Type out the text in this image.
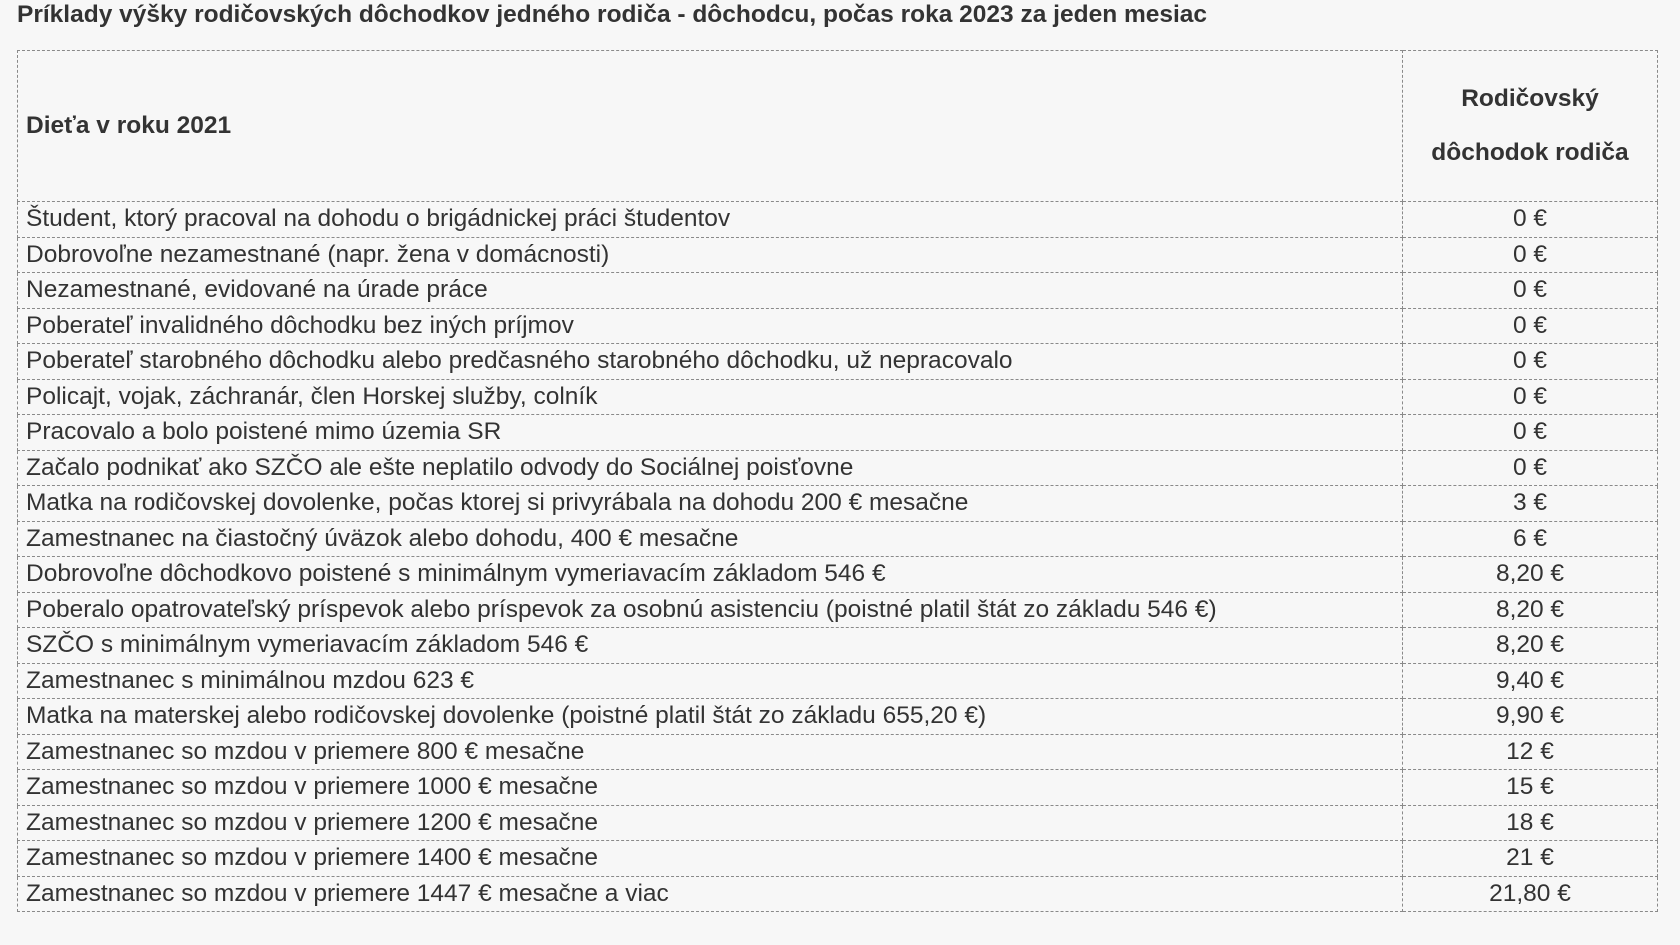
Príklady výšky rodičovských dôchodkov jedného rodiča - dôchodcu, počas roka 2023 za jeden mesiac
Dieťa v roku 2021	Rodičovský
dôchodok rodiča
Študent, ktorý pracoval na dohodu o brigádnickej práci študentov	0 €
Dobrovoľne nezamestnané (napr. žena v domácnosti)	0 €
Nezamestnané, evidované na úrade práce	0 €
Poberateľ invalidného dôchodku bez iných príjmov	0 €
Poberateľ starobného dôchodku alebo predčasného starobného dôchodku, už nepracovalo	0 €
Policajt, vojak, záchranár, člen Horskej služby, colník	0 €
Pracovalo a bolo poistené mimo územia SR	0 €
Začalo podnikať ako SZČO ale ešte neplatilo odvody do Sociálnej poisťovne	0 €
Matka na rodičovskej dovolenke, počas ktorej si privyrábala na dohodu 200 € mesačne	3 €
Zamestnanec na čiastočný úväzok alebo dohodu, 400 € mesačne	6 €
Dobrovoľne dôchodkovo poistené s minimálnym vymeriavacím základom 546 €	8,20 €
Poberalo opatrovateľský príspevok alebo príspevok za osobnú asistenciu (poistné platil štát zo základu 546 €)	8,20 €
SZČO s minimálnym vymeriavacím základom 546 €	8,20 €
Zamestnanec s minimálnou mzdou 623 €	9,40 €
Matka na materskej alebo rodičovskej dovolenke (poistné platil štát zo základu 655,20 €)	9,90 €
Zamestnanec so mzdou v priemere 800 € mesačne	12 €
Zamestnanec so mzdou v priemere 1000 € mesačne	15 €
Zamestnanec so mzdou v priemere 1200 € mesačne	18 €
Zamestnanec so mzdou v priemere 1400 € mesačne	21 €
Zamestnanec so mzdou v priemere 1447 € mesačne a viac	21,80 €
